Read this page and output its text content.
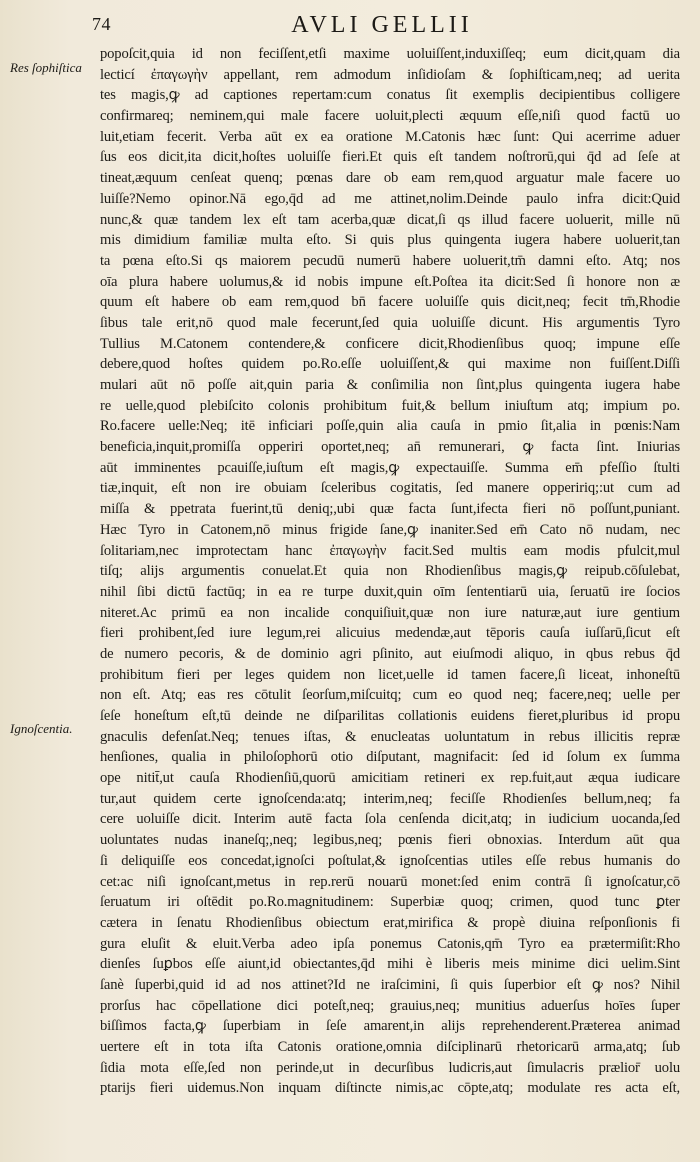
74	AVLI GELLII
Res ſophiſtica
Ignoſcentia.
popoſcit,quia id non feciſſent,etſi maxime uoluiſſent,induxiſſeq; eum dicit,quam dia
lecticí ἐπαγωγὴν appellant, rem admodum inſidioſam & ſophiſticam,neq; ad uerita
tes magis,ꝙ ad captiones repertam:cum conatus ſit exemplis decipientibus colligere
confirmareq; neminem,qui male facere uoluit,plecti æquum eſſe,niſi quod factū uo
luit,etiam fecerit. Verba aūt ex ea oratione M.Catonis hæc ſunt: Qui acerrime aduer
ſus eos dicit,ita dicit,hoſtes uoluiſſe fieri.Et quis eſt tandem noſtrorū,qui q̄d ad ſeſe at
tineat,æquum cenſeat quenq; pœnas dare ob eam rem,quod arguatur male facere uo
luiſſe?Nemo opinor.Nā ego,q̄d ad me attinet,nolim.Deinde paulo infra dicit:Quid
nunc,& quæ tandem lex eſt tam acerba,quæ dicat,ſi qs illud facere uoluerit, mille nū
mis dimidium familiæ multa eſto. Si quis plus quingenta iugera habere uoluerit,tan
ta pœna eſto.Si qs maiorem pecudū numerū habere uoluerit,tm̄ damni eſto. Atq; nos
oīa plura habere uolumus,& id nobis impune eſt.Poſtea ita dicit:Sed ſi honore non æ
quum eſt habere ob eam rem,quod bn̄ facere uoluiſſe quis dicit,neq; fecit tm̄,Rhodie
ſibus tale erit,nō quod male fecerunt,ſed quia uoluiſſe dicunt. His argumentis Tyro
Tullius M.Catonem contendere,& conficere dicit,Rhodienſibus quoq; impune eſſe
debere,quod hoſtes quidem po.Ro.eſſe uoluiſſent,& qui maxime non fuiſſent.Diſſi
mulari aūt nō poſſe ait,quin paria & conſimilia non ſint,plus quingenta iugera habe
re uelle,quod plebiſcito colonis prohibitum fuit,& bellum iniuſtum atq; impium po.
Ro.facere uelle:Neq; itē inficiari poſſe,quin alia cauſa in pmio ſit,alia in pœnis:Nam
beneficia,inquit,promiſſa opperiri oportet,neq; an̄ remunerari, ꝙ facta ſint. Iniurias
aūt imminentes pcauiſſe,iuſtum eſt magis,ꝙ expectauiſſe. Summa em̄ pfeſſio ſtulti
tiæ,inquit, eſt non ire obuiam ſceleribus cogitatis, ſed manere oppeririq;:ut cum ad
miſſa & ppetrata fuerint,tū deniq;,ubi quæ facta ſunt,ifecta fieri nō poſſunt,puniant.
Hæc Tyro in Catonem,nō minus frigide ſane,ꝙ inaniter.Sed em̄ Cato nō nudam, nec
ſolitariam,nec improtectam hanc ἐπαγωγὴν facit.Sed multis eam modis pfulcit,mul
tiſq; alijs argumentis conuelat.Et quia non Rhodienſibus magis,ꝙ reipub.cōſulebat,
nihil ſibi dictū factūq; in ea re turpe duxit,quin oīm ſententiarū uia, ſeruatū ire ſocios
niteret.Ac primū ea non incalide conquiſiuit,quæ non iure naturæ,aut iure gentium
fieri prohibent,ſed iure legum,rei alicuius medendæ,aut tēporis cauſa iuſſarū,ſicut eſt
de numero pecoris, & de dominio agri pſinito, aut eiuſmodi aliquo, in qbus rebus q̄d
prohibitum fieri per leges quidem non licet,uelle id tamen facere,ſi liceat, inhoneſtū
non eſt. Atq; eas res cōtulit ſeorſum,miſcuitq; cum eo quod neq; facere,neq; uelle per
ſeſe honeſtum eſt,tū deinde ne diſparilitas collationis euidens fieret,pluribus id propu
gnaculis defenſat.Neq; tenues iſtas, & enucleatas uoluntatum in rebus illicitis repræ
henſiones, qualia in philoſophorū otio diſputant, magnifacit: ſed id ſolum ex ſumma
ope nitit̄,ut cauſa Rhodienſiū,quorū amicitiam retineri ex rep.fuit,aut æqua iudicare
tur,aut quidem certe ignoſcenda:atq; interim,neq; feciſſe Rhodienſes bellum,neq; fa
cere uoluiſſe dicit. Interim autē facta ſola cenſenda dicit,atq; in iudicium uocanda,ſed
uoluntates nudas inaneſq;,neq; legibus,neq; pœnis fieri obnoxias. Interdum aūt qua
ſi deliquiſſe eos concedat,ignoſci poſtulat,& ignoſcentias utiles eſſe rebus humanis do
cet:ac niſi ignoſcant,metus in rep.rerū nouarū monet:ſed enim contrā ſi ignoſcatur,cō
ſeruatum iri oſtēdit po.Ro.magnitudinem: Superbiæ quoq; crimen, quod tunc ꝑter
cætera in ſenatu Rhodienſibus obiectum erat,mirifica & propè diuina reſponſionis fi
gura eluſit & eluit.Verba adeo ipſa ponemus Catonis,qm̄ Tyro ea prætermiſit:Rho
dienſes ſuꝑbos eſſe aiunt,id obiectantes,q̄d mihi è liberis meis minime dici uelim.Sint
ſanè ſuperbi,quid id ad nos attinet?Id ne iraſcimini, ſi quis ſuperbior eſt ꝙ nos? Nihil
prorſus hac cōpellatione dici poteſt,neq; grauius,neq; munitius aduerſus hoīes ſuper
biſſimos facta,ꝙ ſuperbiam in ſeſe amarent,in alijs reprehenderent.Præterea animad
uertere eſt in tota iſta Catonis oratione,omnia diſciplinarū rhetoricarū arma,atq; ſub
ſidia mota eſſe,ſed non perinde,ut in decurſibus ludicris,aut ſimulacris prælior̄ uolu
ptarijs fieri uidemus.Non inquam diſtincte nimis,ac cōpte,atq; modulate res acta eſt,
